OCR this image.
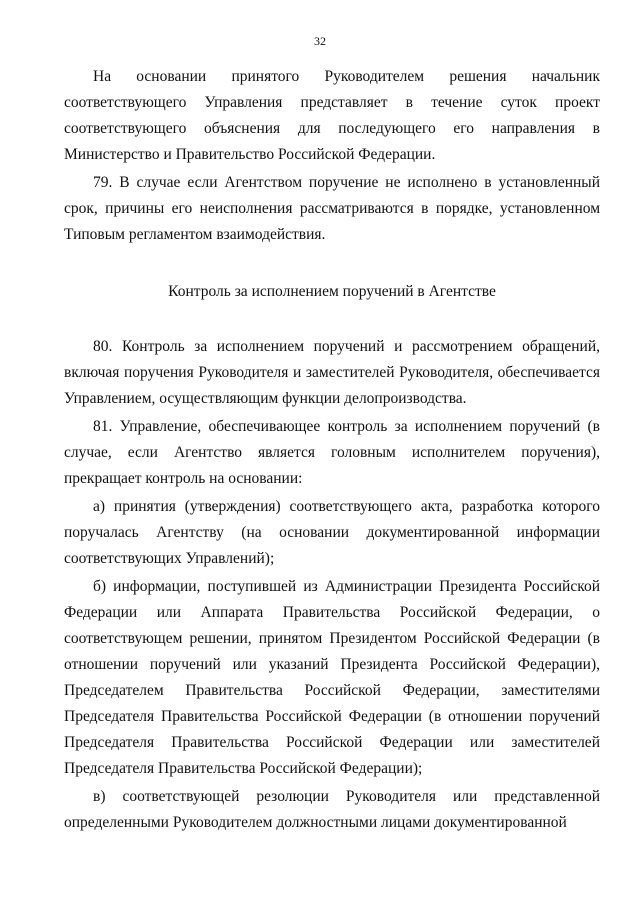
32

На основании принятого Руководителем решения начальник соответствующего Управления представляет в течение суток проект соответствующего объяснения для последующего его направления в Министерство и Правительство Российской Федерации.

79. В случае если Агентством поручение не исполнено в установленный срок, причины его неисполнения рассматриваются в порядке, установленном Типовым регламентом взаимодействия.

Контроль за исполнением поручений в Агентстве

80. Контроль за исполнением поручений и рассмотрением обращений, включая поручения Руководителя и заместителей Руководителя, обеспечивается Управлением, осуществляющим функции делопроизводства.

81. Управление, обеспечивающее контроль за исполнением поручений (в случае, если Агентство является головным исполнителем поручения), прекращает контроль на основании:

а) принятия (утверждения) соответствующего акта, разработка которого поручалась Агентству (на основании документированной информации соответствующих Управлений);

б) информации, поступившей из Администрации Президента Российской Федерации или Аппарата Правительства Российской Федерации, о соответствующем решении, принятом Президентом Российской Федерации (в отношении поручений или указаний Президента Российской Федерации), Председателем Правительства Российской Федерации, заместителями Председателя Правительства Российской Федерации (в отношении поручений Председателя Правительства Российской Федерации или заместителей Председателя Правительства Российской Федерации);

в) соответствующей резолюции Руководителя или представленной определенными Руководителем должностными лицами документированной
